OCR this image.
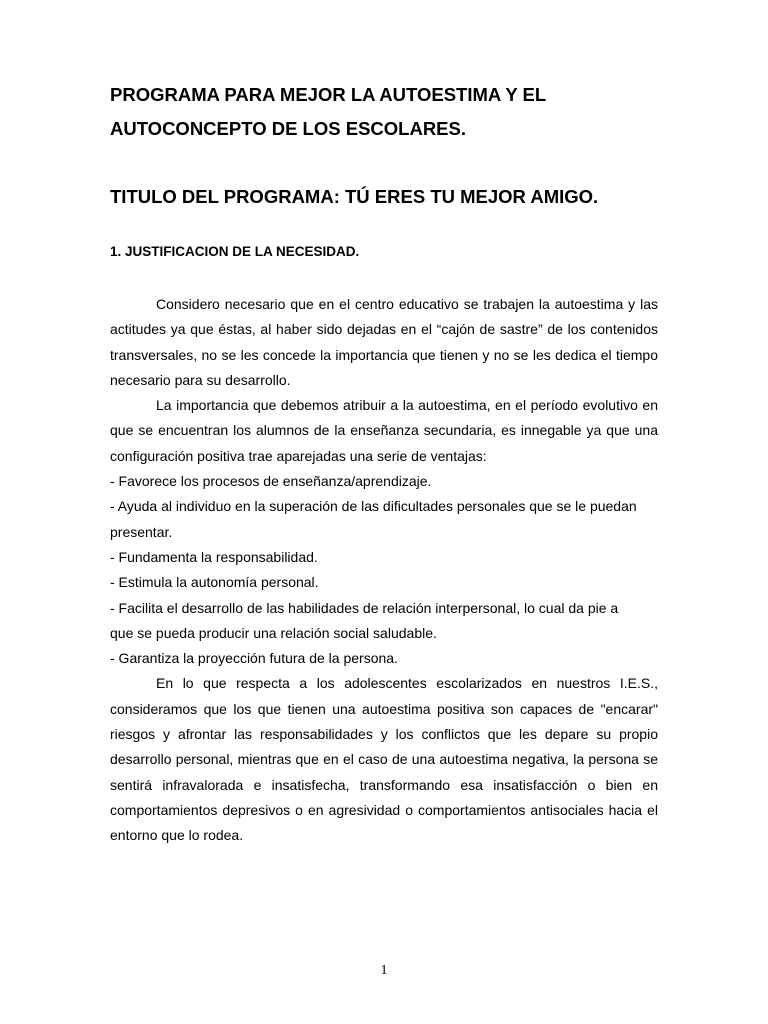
PROGRAMA PARA MEJOR LA AUTOESTIMA Y EL
AUTOCONCEPTO DE LOS ESCOLARES.
TITULO DEL PROGRAMA: TÚ ERES TU MEJOR AMIGO.
1. JUSTIFICACION DE LA NECESIDAD.

Considero necesario que en el centro educativo se trabajen la autoestima y las actitudes ya que éstas, al haber sido dejadas en el “cajón de sastre” de los contenidos transversales, no se les concede la importancia que tienen y no se les dedica el tiempo necesario para su desarrollo.

La importancia que debemos atribuir a la autoestima, en el período evolutivo en que se encuentran los alumnos de la enseñanza secundaria, es innegable ya que una configuración positiva trae aparejadas una serie de ventajas:

- Favorece los procesos de enseñanza/aprendizaje.

- Ayuda al individuo en la superación de las dificultades personales que se le puedan presentar.

- Fundamenta la responsabilidad.

- Estimula la autonomía personal.

- Facilita el desarrollo de las habilidades de relación interpersonal, lo cual da pie a que se pueda producir una relación social saludable.

- Garantiza la proyección futura de la persona.

En lo que respecta a los adolescentes escolarizados en nuestros I.E.S., consideramos que los que tienen una autoestima positiva son capaces de "encarar" riesgos y afrontar las responsabilidades y los conflictos que les depare su propio desarrollo personal, mientras que en el caso de una autoestima negativa, la persona se sentirá infravalorada e insatisfecha, transformando esa insatisfacción o bien en comportamientos depresivos o en agresividad o comportamientos antisociales hacia el entorno que lo rodea.

1
